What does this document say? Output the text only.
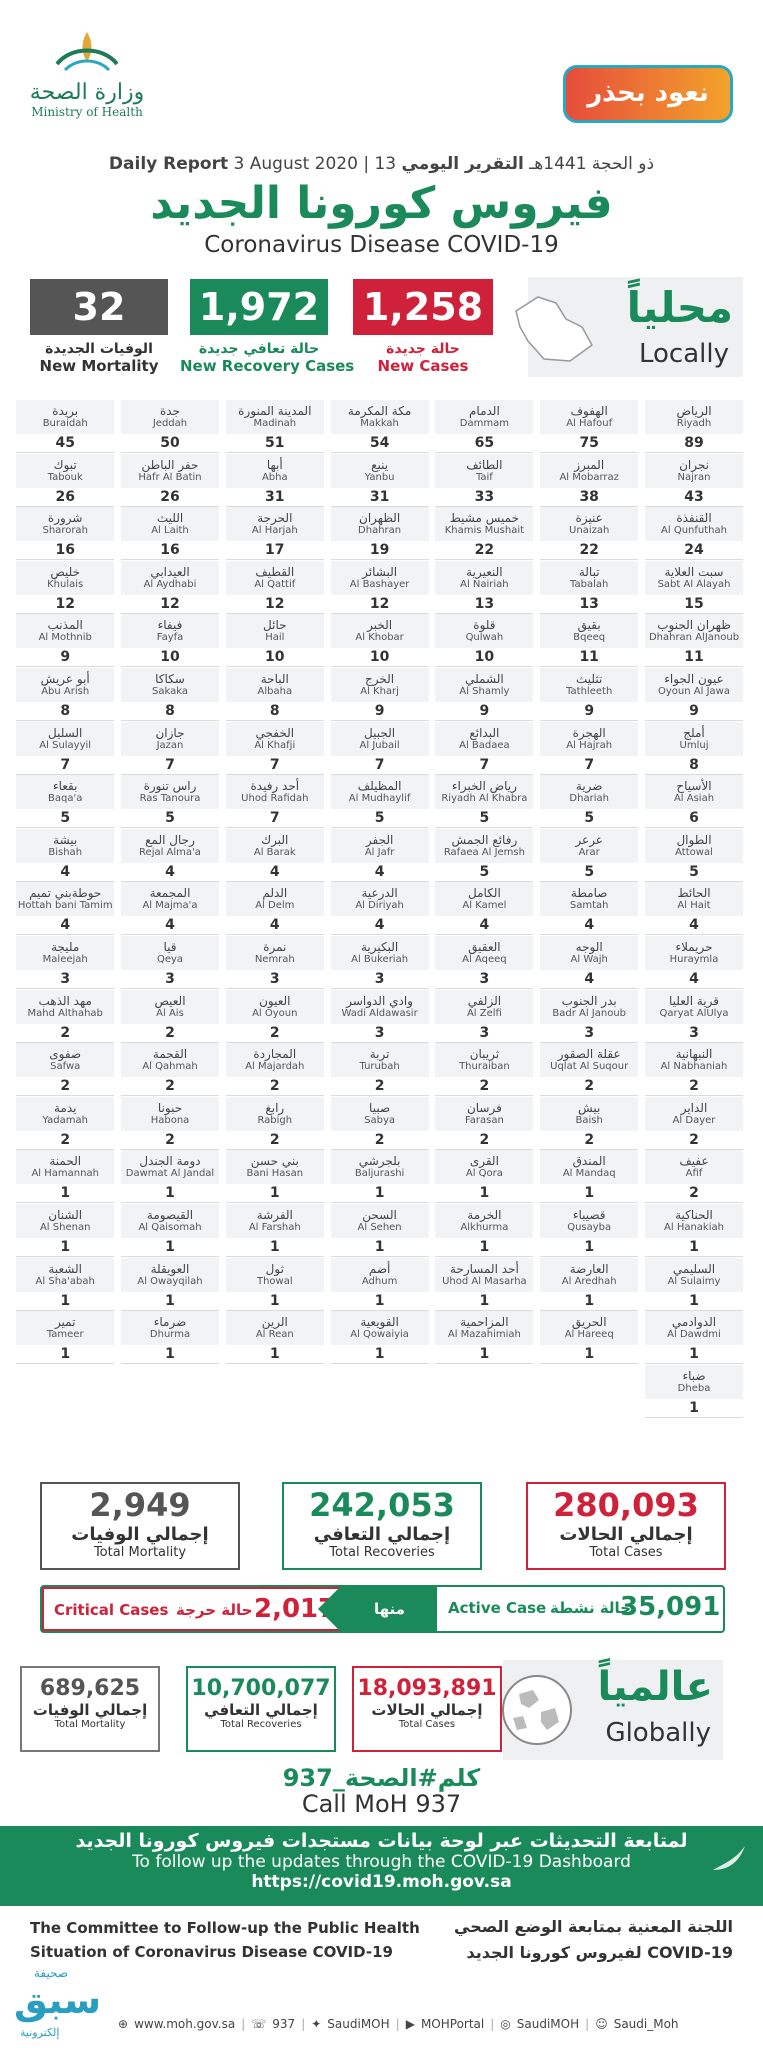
وزارة الصحة
Ministry of Health
نعود بحذر
Daily Report 3 August 2020 | 13 ذو الحجة 1441هـ التقرير اليومي
فيروس كورونا الجديد
Coronavirus Disease COVID-19
32
الوفيات الجديدة
New Mortality
1,972
حالة تعافي جديدة
New Recovery Cases
1,258
حالة جديدة
New Cases
محلياً
Locally
الرياض
Riyadh
89
نجران
Najran
43
القنفذة
Al Qunfuthah
24
سبت العلاية
Sabt Al Alayah
15
ظهران الجنوب
Dhahran AlJanoub
11
عيون الجواء
Oyoun Al Jawa
9
أملج
Umluj
8
الأسياح
Al Asiah
6
الطوال
Attowal
5
الحائط
Al Hait
4
حريملاء
Huraymla
4
قرية العليا
Qaryat AlUlya
3
النبهانية
Al Nabhaniah
2
الداير
Al Dayer
2
عفيف
Afif
2
الحناكية
Al Hanakiah
1
السليمي
Al Sulaimy
1
الدوادمي
Al Dawdmi
1
ضباء
Dheba
1
الهفوف
Al Hafouf
75
المبرز
Al Mobarraz
38
عنيزة
Unaizah
22
تبالة
Tabalah
13
بقيق
Bqeeq
11
تثليث
Tathleeth
9
الهجرة
Al Hajrah
7
ضرية
Dhariah
5
عرعر
Arar
5
صامطة
Samtah
4
الوجه
Al Wajh
4
بدر الجنوب
Badr Al Janoub
3
عقلة الصقور
Uqlat Al Suqour
2
بيش
Baish
2
المندق
Al Mandaq
1
قصيباء
Qusayba
1
العارضة
Al Aredhah
1
الحريق
Al Hareeq
1
الدمام
Dammam
65
الطائف
Taif
33
خميس مشيط
Khamis Mushait
22
النعيرية
Al Nairiah
13
قلوة
Qulwah
10
الشملي
Al Shamly
9
البدائع
Al Badaea
7
رياض الخبراء
Riyadh Al Khabra
5
رفائع الجمش
Rafaea Al Jemsh
5
الكامل
Al Kamel
4
العقيق
Al Aqeeq
3
الزلفي
Al Zelfi
3
ثريبان
Thuraiban
2
فرسان
Farasan
2
القرى
Al Qora
1
الخرمة
Alkhurma
1
أحد المسارحة
Uhod Al Masarha
1
المزاحمية
Al Mazahimiah
1
مكة المكرمة
Makkah
54
ينبع
Yanbu
31
الظهران
Dhahran
19
البشائر
Al Bashayer
12
الخبر
Al Khobar
10
الخرج
Al Kharj
9
الجبيل
Al Jubail
7
المظيلف
Al Mudhaylif
5
الجفر
Al Jafr
4
الدرعية
Al Diriyah
4
البكيرية
Al Bukeriah
3
وادي الدواسر
Wadi Aldawasir
3
تربة
Turubah
2
صبيا
Sabya
2
بلجرشي
Baljurashi
1
السحن
Al Sehen
1
أضم
Adhum
1
القويعية
Al Qowaiyia
1
المدينة المنورة
Madinah
51
أبها
Abha
31
الحرجة
Al Harjah
17
القطيف
Al Qattif
12
حائل
Hail
10
الباحة
Albaha
8
الخفجي
Al Khafji
7
أحد رفيدة
Uhod Rafidah
7
البرك
Al Barak
4
الدلم
Al Delm
4
نمرة
Nemrah
3
العيون
Al Oyoun
2
المجاردة
Al Majardah
2
رابغ
Rabigh
2
بني حسن
Bani Hasan
1
الفرشة
Al Farshah
1
ثول
Thowal
1
الرين
Al Rean
1
جدة
Jeddah
50
حفر الباطن
Hafr Al Batin
26
الليث
Al Laith
16
العيدابي
Al Aydhabi
12
فيفاء
Fayfa
10
سكاكا
Sakaka
8
جازان
Jazan
7
راس تنورة
Ras Tanoura
5
رجال المع
Rejal Alma'a
4
المجمعة
Al Majma'a
4
قيا
Qeya
3
العيص
Al Ais
2
القحمة
Al Qahmah
2
حبونا
Habona
2
دومة الجندل
Dawmat Al Jandal
1
القيصومة
Al Qaisomah
1
العويقلة
Al Owayqilah
1
ضرماء
Dhurma
1
بريدة
Buraidah
45
تبوك
Tabouk
26
شرورة
Sharorah
16
خليص
Khulais
12
المذنب
Al Mothnib
9
أبو عريش
Abu Arish
8
السليل
Al Sulayyil
7
بقعاء
Baqa'a
5
بيشة
Bishah
4
حوطةبني تميم
Hottah bani Tamim
4
مليجة
Maleejah
3
مهد الذهب
Mahd Althahab
2
صفوى
Safwa
2
يدمة
Yadamah
2
الحمنة
Al Hamannah
1
الشنان
Al Shenan
1
الشعبة
Al Sha'abah
1
تمير
Tameer
1
2,949
إجمالي الوفيات
Total Mortality
242,053
إجمالي التعافي
Total Recoveries
280,093
إجمالي الحالات
Total Cases
Critical Cases حالة حرجة 2,017	منها	Active Case حالة نشطة
35,091
689,625
إجمالي الوفيات
Total Mortality
10,700,077
إجمالي التعافي
Total Recoveries
18,093,891
إجمالي الحالات
Total Cases
عالمياً
Globally
كلم#الصحة_937
Call MoH 937
لمتابعة التحديثات عبر لوحة بيانات مستجدات فيروس كورونا الجديد
To follow up the updates through the COVID-19 Dashboard
https://covid19.moh.gov.sa
The Committee to Follow-up the Public Health
Situation of Coronavirus Disease COVID-19
اللجنة المعنية بمتابعة الوضع الصحي
لفيروس كورونا الجديد COVID-19
صحيفة
سبق
إلكترونية
⊕ www.moh.gov.sa | ☏ 937 | ✦ SaudiMOH | ▶ MOHPortal | ◎ SaudiMOH | ☺ Saudi_Moh
